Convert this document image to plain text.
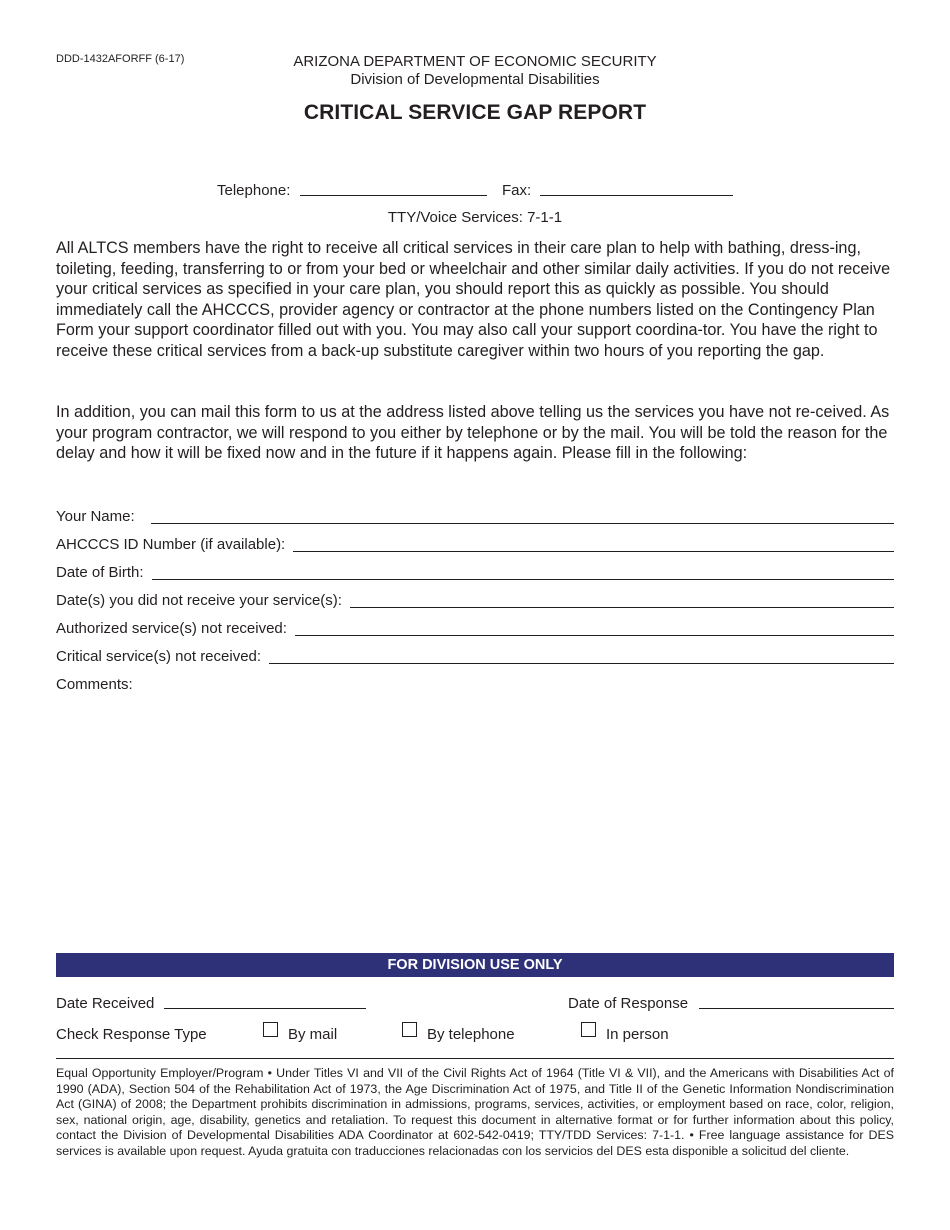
DDD-1432AFORFF (6-17)	ARIZONA DEPARTMENT OF ECONOMIC SECURITY
Division of Developmental Disabilities
CRITICAL SERVICE GAP REPORT
Telephone:	Fax:
TTY/Voice Services: 7-1-1
All ALTCS members have the right to receive all critical services in their care plan to help with bathing, dress-ing, toileting, feeding, transferring to or from your bed or wheelchair and other similar daily activities. If you do not receive your critical services as specified in your care plan, you should report this as quickly as possible. You should immediately call the AHCCCS, provider agency or contractor at the phone numbers listed on the Contingency Plan Form your support coordinator filled out with you. You may also call your support coordina-tor. You have the right to receive these critical services from a back-up substitute caregiver within two hours of you reporting the gap.
In addition, you can mail this form to us at the address listed above telling us the services you have not re-ceived. As your program contractor, we will respond to you either by telephone or by the mail. You will be told the reason for the delay and how it will be fixed now and in the future if it happens again. Please fill in the following:
Your Name:
AHCCCS ID Number (if available):
Date of Birth:
Date(s) you did not receive your service(s):
Authorized service(s) not received:
Critical service(s) not received:
Comments:
FOR DIVISION USE ONLY
Date Received	Date of Response
Check Response Type	By mail	By telephone	In person
Equal Opportunity Employer/Program • Under Titles VI and VII of the Civil Rights Act of 1964 (Title VI & VII), and the Americans with Disabilities Act of 1990 (ADA), Section 504 of the Rehabilitation Act of 1973, the Age Discrimination Act of 1975, and Title II of the Genetic Information Nondiscrimination Act (GINA) of 2008; the Department prohibits discrimination in admissions, programs, services, activities, or employment based on race, color, religion, sex, national origin, age, disability, genetics and retaliation. To request this document in alternative format or for further information about this policy, contact the Division of Developmental Disabilities ADA Coordinator at 602-542-0419; TTY/TDD Services: 7-1-1. • Free language assistance for DES services is available upon request. Ayuda gratuita con traducciones relacionadas con los servicios del DES esta disponible a solicitud del cliente.
